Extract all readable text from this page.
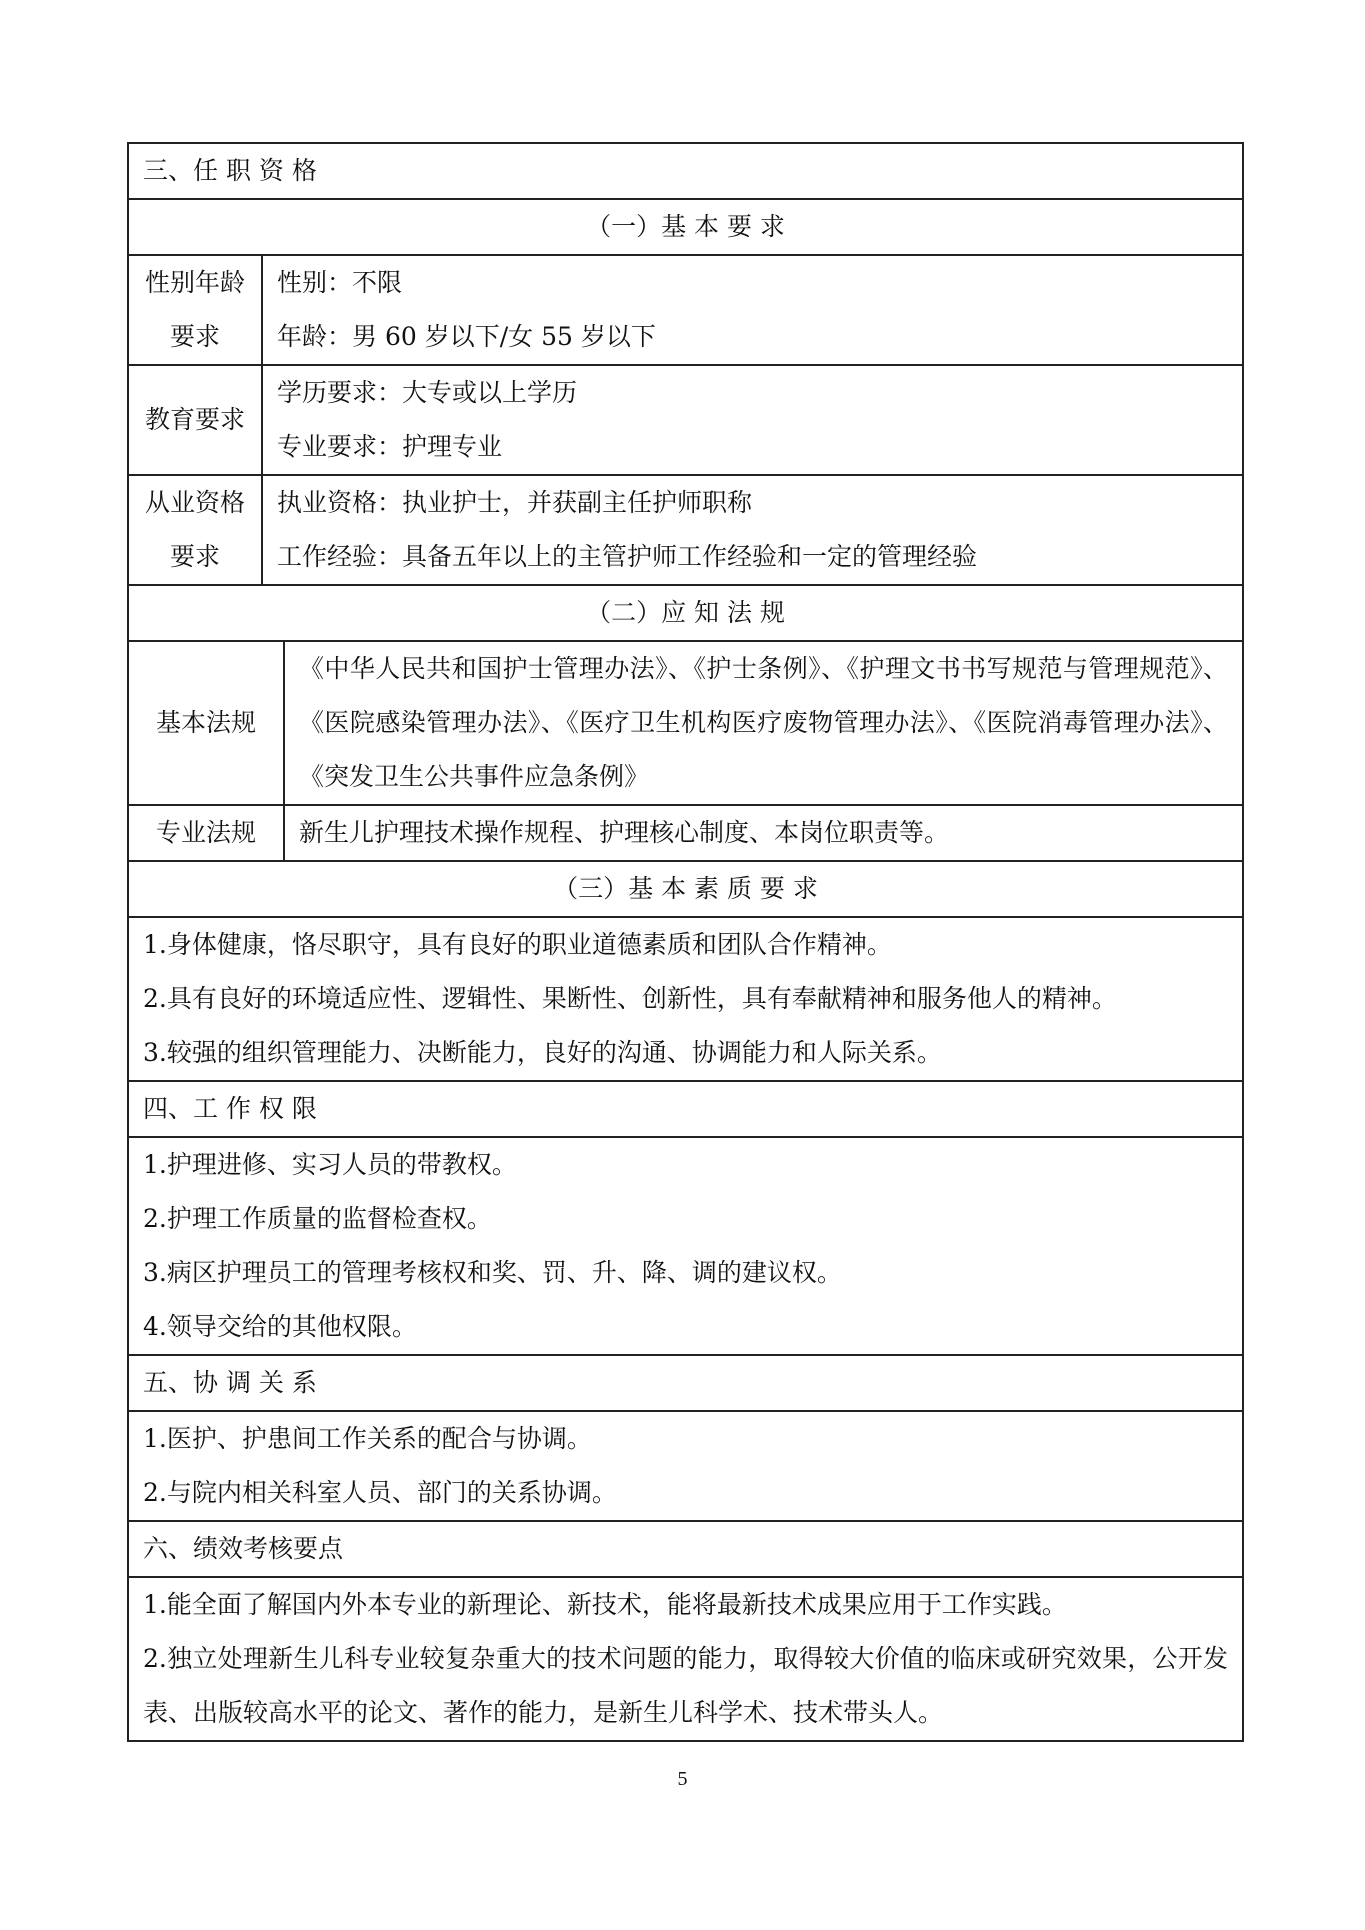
三、任 职 资 格		
（一）基 本 要 求		

性别年龄要求	性别：不限
年龄：男 60 岁以下/女 55 岁以下	

教育要求	学历要求：大专或以上学历
专业要求：护理专业	

从业资格要求	执业资格：执业护士，并获副主任护师职称
工作经验：具备五年以上的主管护师工作经验和一定的管理经验	

（二）应 知 法 规		
基本法规		《中华人民共和国护士管理办法》、《护士条例》、《护理文书书写规范与管理规范》、《医院感染管理办法》、《医疗卫生机构医疗废物管理办法》、《医院消毒管理办法》、《突发卫生公共事件应急条例》
专业法规		新生儿护理技术操作规程、护理核心制度、本岗位职责等。
（三）基 本 素 质 要 求		

1.身体健康，恪尽职守，具有良好的职业道德素质和团队合作精神。
2.具有良好的环境适应性、逻辑性、果断性、创新性，具有奉献精神和服务他人的精神。
3.较强的组织管理能力、决断能力，良好的沟通、协调能力和人际关系。		

四、工 作 权 限		

1.护理进修、实习人员的带教权。
2.护理工作质量的监督检查权。
3.病区护理员工的管理考核权和奖、罚、升、降、调的建议权。
4.领导交给的其他权限。		

五、协 调 关 系		

1.医护、护患间工作关系的配合与协调。
2.与院内相关科室人员、部门的关系协调。		

六、绩效考核要点		

1.能全面了解国内外本专业的新理论、新技术，能将最新技术成果应用于工作实践。
2.独立处理新生儿科专业较复杂重大的技术问题的能力，取得较大价值的临床或研究效果，公开发表、出版较高水平的论文、著作的能力，是新生儿科学术、技术带头人。		
5
